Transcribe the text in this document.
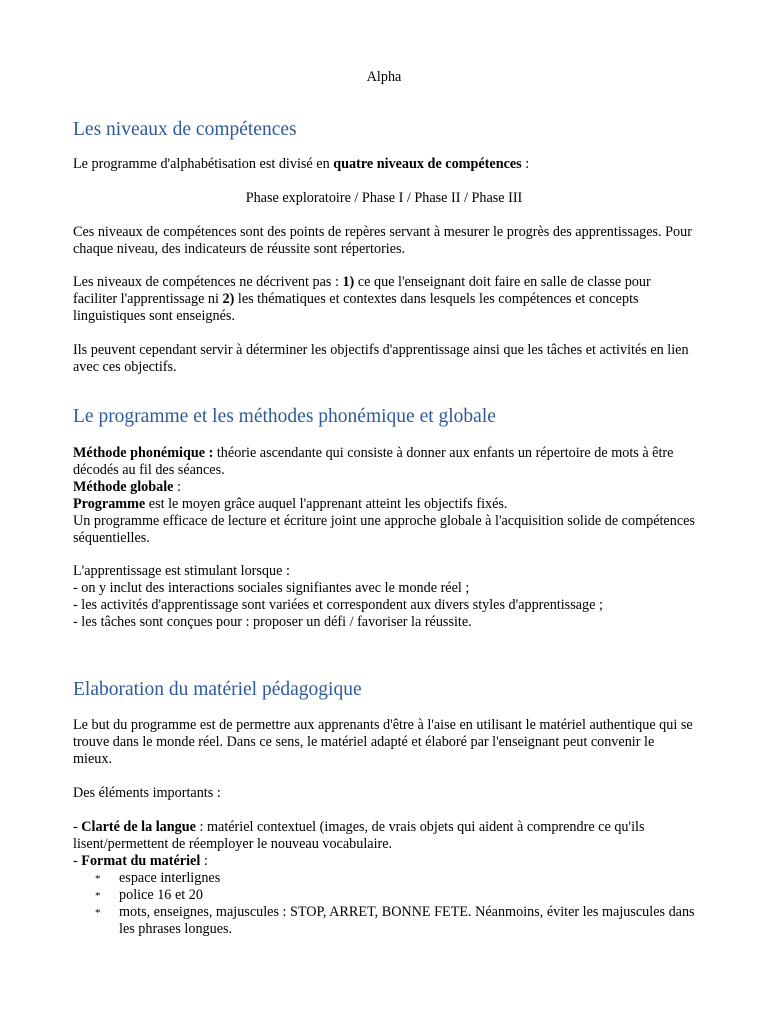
Alpha

Les niveaux de compétences

Le programme d'alphabétisation est divisé en quatre niveaux de compétences :

Phase exploratoire / Phase I / Phase II / Phase III

Ces niveaux de compétences sont des points de repères servant à mesurer le progrès des apprentissages. Pour chaque niveau, des indicateurs de réussite sont répertories.

Les niveaux de compétences ne décrivent pas : 1) ce que l'enseignant doit faire en salle de classe pour faciliter l'apprentissage ni 2) les thématiques et contextes dans lesquels les compétences et concepts linguistiques sont enseignés.

Ils peuvent cependant servir à déterminer les objectifs d'apprentissage ainsi que les tâches et activités en lien avec ces objectifs.

Le programme et les méthodes phonémique et globale

Méthode phonémique : théorie ascendante qui consiste à donner aux enfants un répertoire de mots à être décodés au fil des séances.

Méthode globale :

Programme est le moyen grâce auquel l'apprenant atteint les objectifs fixés.

Un programme efficace de lecture et écriture joint une approche globale à l'acquisition solide de compétences séquentielles.

L'apprentissage est stimulant lorsque :

- on y inclut des interactions sociales signifiantes avec le monde réel ;

- les activités d'apprentissage sont variées et correspondent aux divers styles d'apprentissage ;

- les tâches sont conçues pour : proposer un défi / favoriser la réussite.

Elaboration du matériel pédagogique

Le but du programme est de permettre aux apprenants d'être à l'aise en utilisant le matériel authentique qui se trouve dans le monde réel. Dans ce sens, le matériel adapté et élaboré par l'enseignant peut convenir le mieux.

Des éléments importants :

- Clarté de la langue : matériel contextuel (images, de vrais objets qui aident à comprendre ce qu'ils lisent/permettent de réemployer le nouveau vocabulaire.

- Format du matériel :

* espace interlignes
* police 16 et 20
* mots, enseignes, majuscules : STOP, ARRET, BONNE FETE. Néanmoins, éviter les majuscules dans les phrases longues.
